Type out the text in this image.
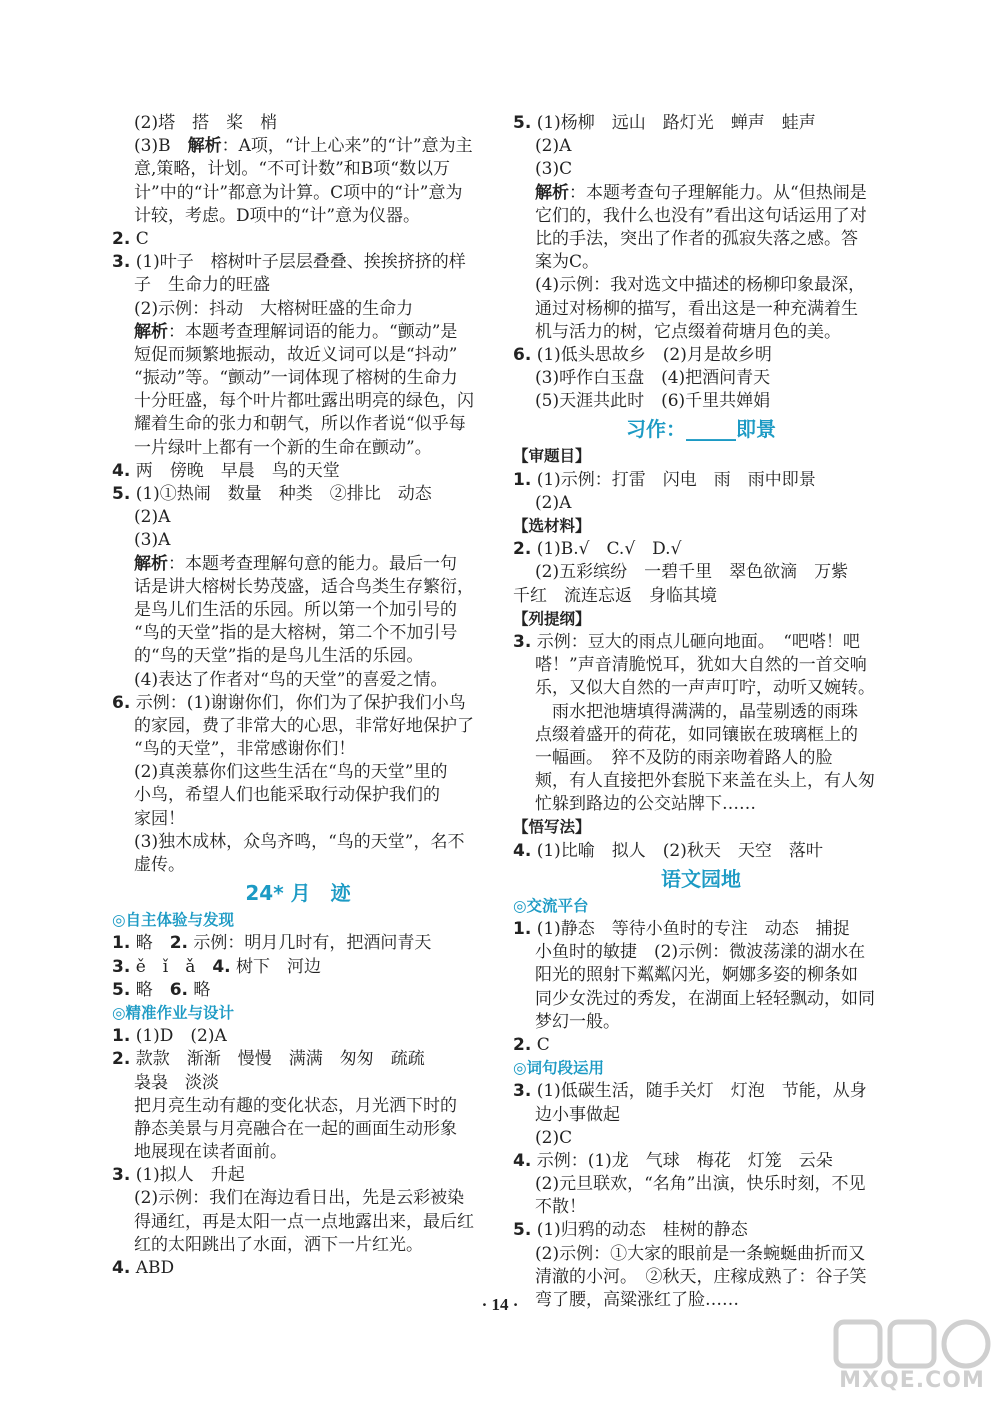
(2)塔　搭　桨　梢
(3)B　解析：A项，“计上心来”的“计”意为主
意,策略，计划。“不可计数”和B项“数以万
计”中的“计”都意为计算。C项中的“计”意为
计较，考虑。D项中的“计”意为仪器。
2. C
3. (1)叶子　榕树叶子层层叠叠、挨挨挤挤的样
子　生命力的旺盛
(2)示例：抖动　大榕树旺盛的生命力
解析：本题考查理解词语的能力。“颤动”是
短促而频繁地振动，故近义词可以是“抖动”
“振动”等。“颤动”一词体现了榕树的生命力
十分旺盛，每个叶片都吐露出明亮的绿色，闪
耀着生命的张力和朝气，所以作者说“似乎每
一片绿叶上都有一个新的生命在颤动”。
4. 两　傍晚　早晨　鸟的天堂
5. (1)①热闹　数量　种类　②排比　动态
(2)A
(3)A
解析：本题考查理解句意的能力。最后一句
话是讲大榕树长势茂盛，适合鸟类生存繁衍，
是鸟儿们生活的乐园。所以第一个加引号的
“鸟的天堂”指的是大榕树，第二个不加引号
的“鸟的天堂”指的是鸟儿生活的乐园。
(4)表达了作者对“鸟的天堂”的喜爱之情。
6. 示例：(1)谢谢你们，你们为了保护我们小鸟
的家园，费了非常大的心思，非常好地保护了
“鸟的天堂”，非常感谢你们！
(2)真羡慕你们这些生活在“鸟的天堂”里的
小鸟，希望人们也能采取行动保护我们的
家园！
(3)独木成林，众鸟齐鸣，“鸟的天堂”，名不
虚传。
24* 月　迹
◎自主体验与发现
1. 略　2. 示例：明月几时有，把酒问青天
3. ě　ǐ　ǎ　4. 树下　河边
5. 略　6. 略
◎精准作业与设计
1. (1)D　(2)A
2. 款款　渐渐　慢慢　满满　匆匆　疏疏
袅袅　淡淡
把月亮生动有趣的变化状态，月光洒下时的
静态美景与月亮融合在一起的画面生动形象
地展现在读者面前。
3. (1)拟人　升起
(2)示例：我们在海边看日出，先是云彩被染
得通红，再是太阳一点一点地露出来，最后红
红的太阳跳出了水面，洒下一片红光。
4. ABD
5. (1)杨柳　远山　路灯光　蝉声　蛙声
(2)A
(3)C
解析：本题考查句子理解能力。从“但热闹是
它们的，我什么也没有”看出这句话运用了对
比的手法，突出了作者的孤寂失落之感。答
案为C。
(4)示例：我对选文中描述的杨柳印象最深，
通过对杨柳的描写，看出这是一种充满着生
机与活力的树，它点缀着荷塘月色的美。
6. (1)低头思故乡　(2)月是故乡明
(3)呼作白玉盘　(4)把酒问青天
(5)天涯共此时　(6)千里共婵娟
习作：_____即景
【审题目】
1. (1)示例：打雷　闪电　雨　雨中即景
(2)A
【选材料】
2. (1)B.√　C.√　D.√
(2)五彩缤纷　一碧千里　翠色欲滴　万紫
千红　流连忘返　身临其境
【列提纲】
3. 示例：豆大的雨点儿砸向地面。　“吧嗒！吧
嗒！”声音清脆悦耳，犹如大自然的一首交响
乐，又似大自然的一声声叮咛，动听又婉转。
　雨水把池塘填得满满的，晶莹剔透的雨珠
点缀着盛开的荷花，如同镶嵌在玻璃框上的
一幅画。　猝不及防的雨亲吻着路人的脸
颊，有人直接把外套脱下来盖在头上，有人匆
忙躲到路边的公交站牌下……
【悟写法】
4. (1)比喻　拟人　(2)秋天　天空　落叶
语文园地
◎交流平台
1. (1)静态　等待小鱼时的专注　动态　捕捉
小鱼时的敏捷　(2)示例：微波荡漾的湖水在
阳光的照射下粼粼闪光，婀娜多姿的柳条如
同少女洗过的秀发，在湖面上轻轻飘动，如同
梦幻一般。
2. C
◎词句段运用
3. (1)低碳生活，随手关灯　灯泡　节能，从身
边小事做起
(2)C
4. 示例：(1)龙　气球　梅花　灯笼　云朵
(2)元旦联欢，“名角”出演，快乐时刻，不见
不散！
5. (1)归鸦的动态　桂树的静态
(2)示例：①大家的眼前是一条蜿蜒曲折而又
清澈的小河。　②秋天，庄稼成熟了：谷子笑
弯了腰，高粱涨红了脸……
· 14 ·
MXQE.COM
